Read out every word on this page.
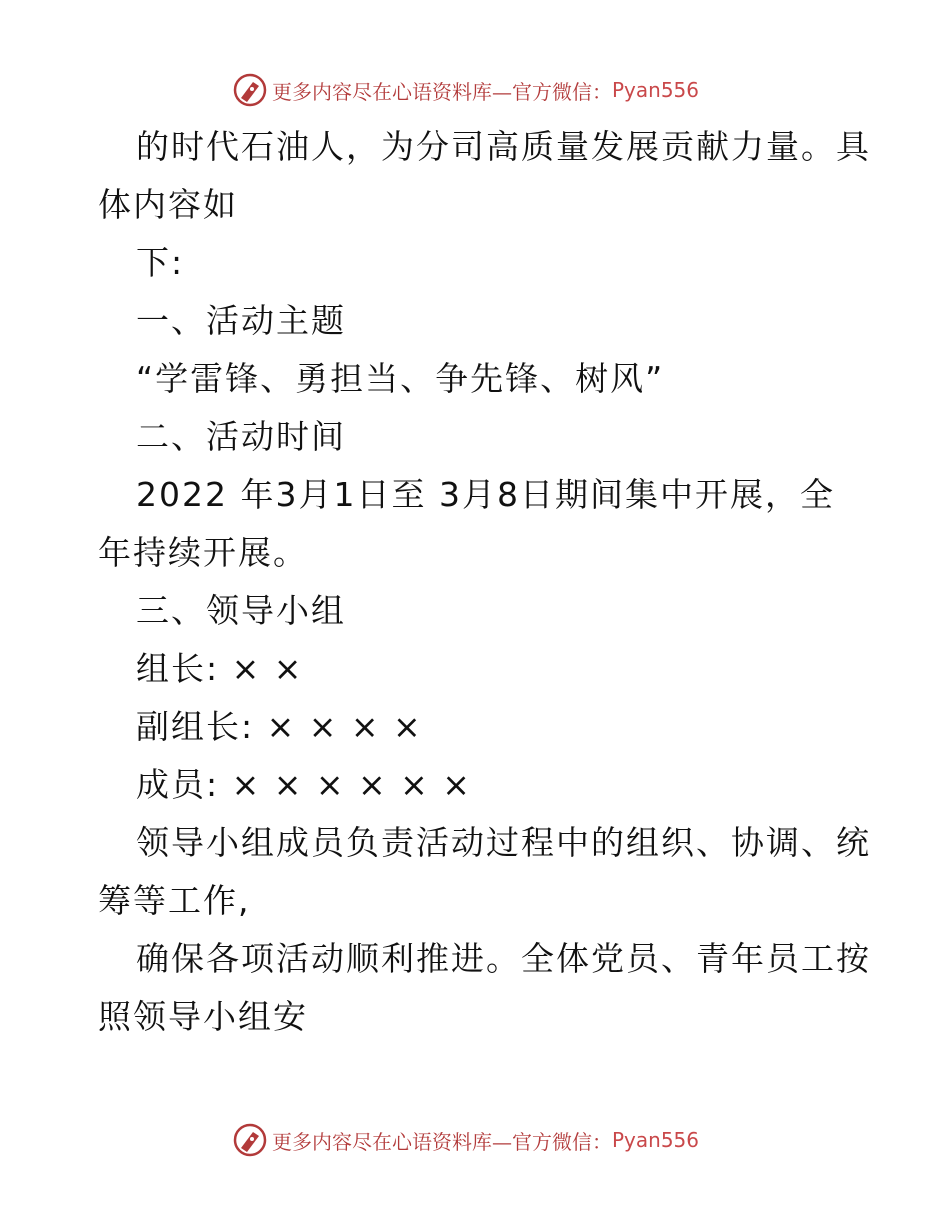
更多内容尽在心语资料库—官方微信： Pyan556
的时代石油人，为分司高质量发展贡献力量。具
体内容如
下:
一、活动主题
“学雷锋、勇担当、争先锋、树风”
二、活动时间
2022 年3月1日至 3月8日期间集中开展，全
年持续开展。
三、领导小组
组长: × ×
副组长: × × × ×
成员: × × × × × ×
领导小组成员负责活动过程中的组织、协调、统
筹等工作,
确保各项活动顺利推进。全体党员、青年员工按
照领导小组安
更多内容尽在心语资料库—官方微信： Pyan556
